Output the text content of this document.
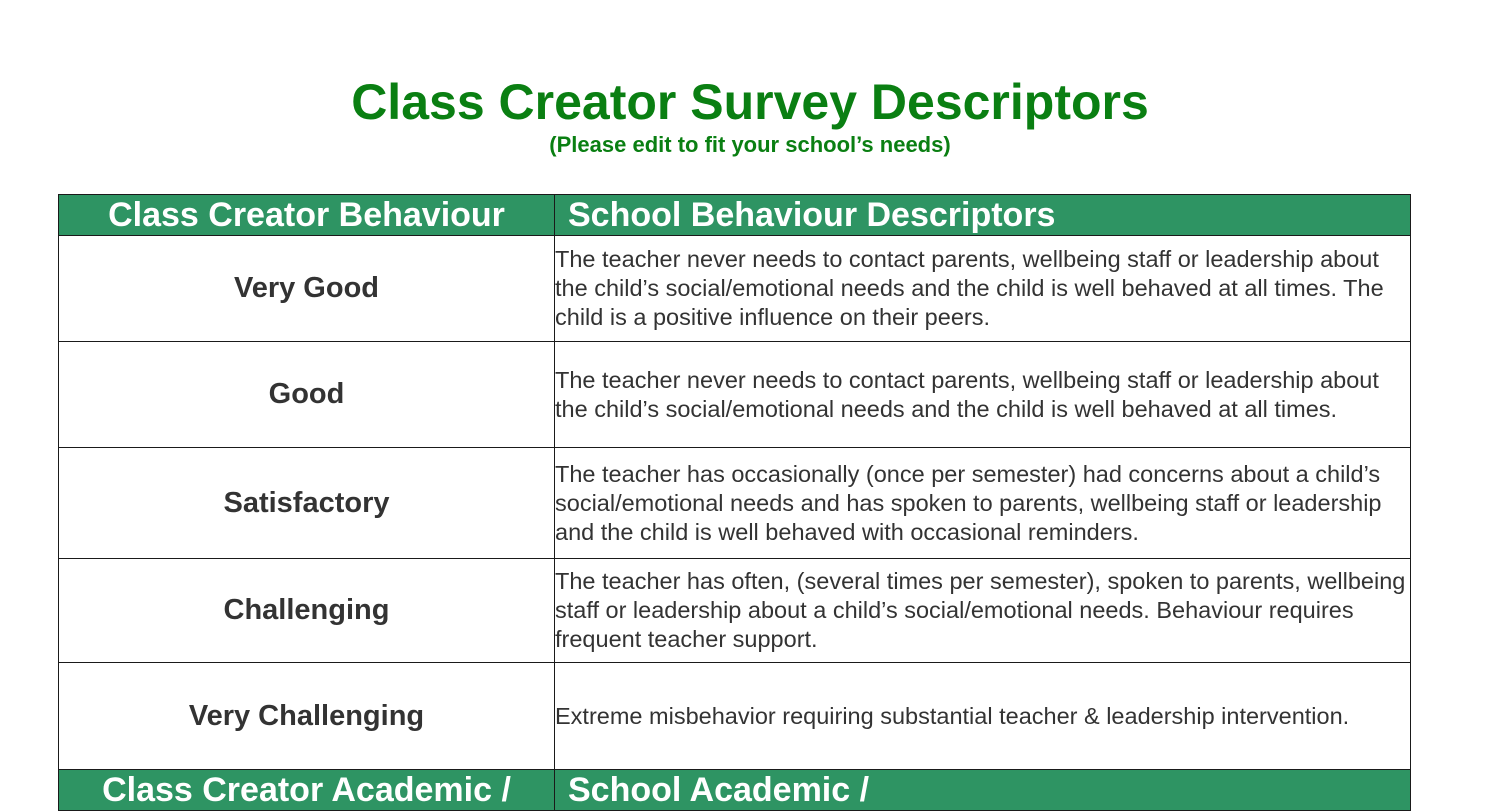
Class Creator Survey Descriptors

(Please edit to fit your school’s needs)

Class Creator Behaviour	School Behaviour Descriptors
Very Good	The teacher never needs to contact parents, wellbeing staff or leadership about the child’s social/emotional needs and the child is well behaved at all times. The child is a positive influence on their peers.
Good	The teacher never needs to contact parents, wellbeing staff or leadership about the child’s social/emotional needs and the child is well behaved at all times.
Satisfactory	The teacher has occasionally (once per semester) had concerns about a child’s social/emotional needs and has spoken to parents, wellbeing staff or leadership and the child is well behaved with occasional reminders.
Challenging	The teacher has often, (several times per semester), spoken to parents, wellbeing staff or leadership about a child’s social/emotional needs. Behaviour requires frequent teacher support.
Very Challenging	Extreme misbehavior requiring substantial teacher & leadership intervention.
Class Creator Academic /	School Academic /
